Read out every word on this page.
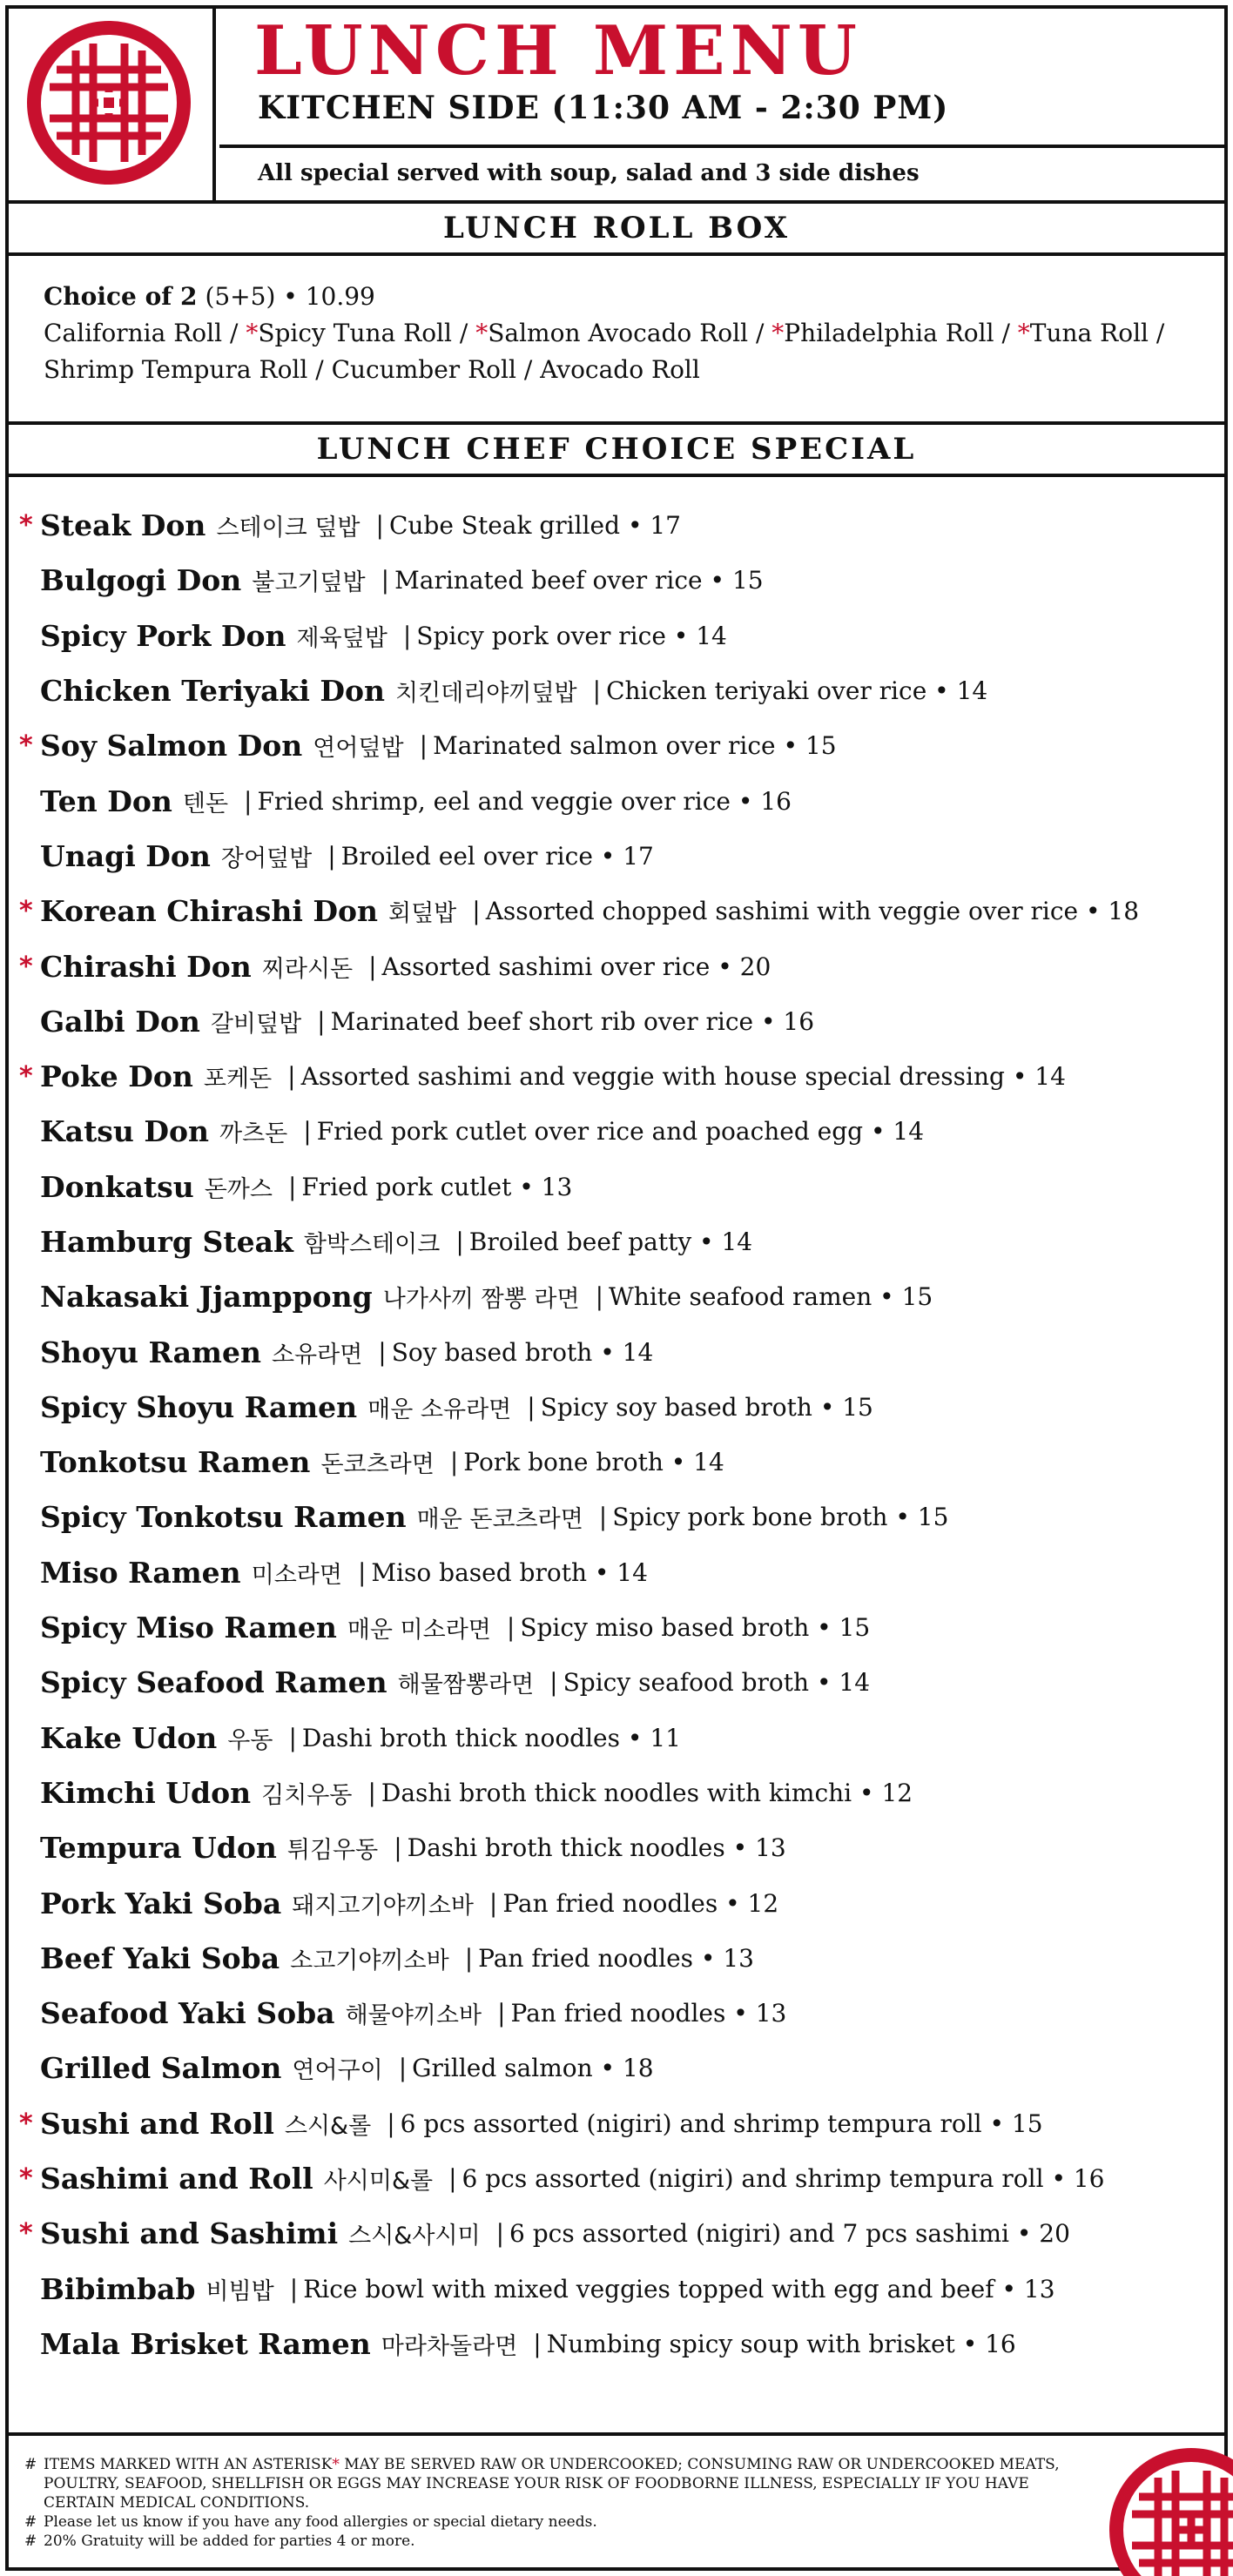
LUNCH MENU
KITCHEN SIDE (11:30 AM - 2:30 PM)
All special served with soup, salad and 3 side dishes
LUNCH ROLL BOX
Choice of 2 (5+5) • 10.99
California Roll / *Spicy Tuna Roll / *Salmon Avocado Roll / *Philadelphia Roll / *Tuna Roll / Shrimp Tempura Roll / Cucumber Roll / Avocado Roll
LUNCH CHEF CHOICE SPECIAL
* Steak Don 스테이크 덮밥 | Cube Steak grilled • 17
Bulgogi Don 불고기덮밥 | Marinated beef over rice • 15
Spicy Pork Don 제육덮밥 | Spicy pork over rice • 14
Chicken Teriyaki Don 치킨데리야끼덮밥 | Chicken teriyaki over rice • 14
* Soy Salmon Don 연어덮밥 | Marinated salmon over rice • 15
Ten Don 텐돈 | Fried shrimp, eel and veggie over rice • 16
Unagi Don 장어덮밥 | Broiled eel over rice • 17
* Korean Chirashi Don 회덮밥 | Assorted chopped sashimi with veggie over rice • 18
* Chirashi Don 찌라시돈 | Assorted sashimi over rice • 20
Galbi Don 갈비덮밥 | Marinated beef short rib over rice • 16
* Poke Don 포케돈 | Assorted sashimi and veggie with house special dressing • 14
Katsu Don 까츠돈 | Fried pork cutlet over rice and poached egg • 14
Donkatsu 돈까스 | Fried pork cutlet • 13
Hamburg Steak 함박스테이크 | Broiled beef patty • 14
Nakasaki Jjamppong 나가사끼 짬뽕 라면 | White seafood ramen • 15
Shoyu Ramen 소유라면 | Soy based broth • 14
Spicy Shoyu Ramen 매운 소유라면 | Spicy soy based broth • 15
Tonkotsu Ramen 돈코츠라면 | Pork bone broth • 14
Spicy Tonkotsu Ramen 매운 돈코츠라면 | Spicy pork bone broth • 15
Miso Ramen 미소라면 | Miso based broth • 14
Spicy Miso Ramen 매운 미소라면 | Spicy miso based broth • 15
Spicy Seafood Ramen 해물짬뽕라면 | Spicy seafood broth • 14
Kake Udon 우동 | Dashi broth thick noodles • 11
Kimchi Udon 김치우동 | Dashi broth thick noodles with kimchi • 12
Tempura Udon 튀김우동 | Dashi broth thick noodles • 13
Pork Yaki Soba 돼지고기야끼소바 | Pan fried noodles • 12
Beef Yaki Soba 소고기야끼소바 | Pan fried noodles • 13
Seafood Yaki Soba 해물야끼소바 | Pan fried noodles • 13
Grilled Salmon 연어구이 | Grilled salmon • 18
* Sushi and Roll 스시&롤 | 6 pcs assorted (nigiri) and shrimp tempura roll • 15
* Sashimi and Roll 사시미&롤 | 6 pcs assorted (nigiri) and shrimp tempura roll • 16
* Sushi and Sashimi 스시&사시미 | 6 pcs assorted (nigiri) and 7 pcs sashimi • 20
Bibimbab 비빔밥 | Rice bowl with mixed veggies topped with egg and beef • 13
Mala Brisket Ramen 마라차돌라면 | Numbing spicy soup with brisket • 16
# ITEMS MARKED WITH AN ASTERISK* MAY BE SERVED RAW OR UNDERCOOKED; CONSUMING RAW OR UNDERCOOKED MEATS, POULTRY, SEAFOOD, SHELLFISH OR EGGS MAY INCREASE YOUR RISK OF FOODBORNE ILLNESS, ESPECIALLY IF YOU HAVE CERTAIN MEDICAL CONDITIONS.
# Please let us know if you have any food allergies or special dietary needs.
# 20% Gratuity will be added for parties 4 or more.
